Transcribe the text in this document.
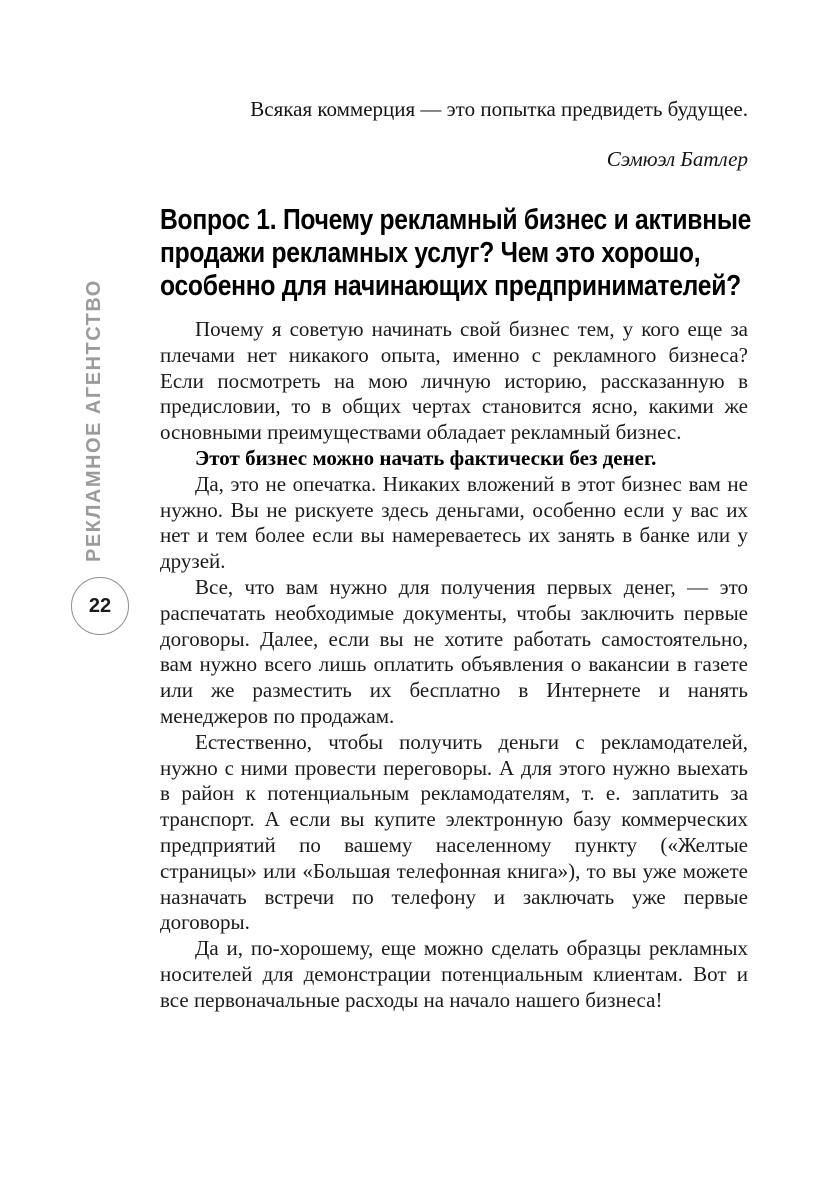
РЕКЛАМНОЕ АГЕНТСТВО
22
Всякая коммерция — это попытка предвидеть будущее.
Сэмюэл Батлер
Вопрос 1. Почему рекламный бизнес и активные
продажи рекламных услуг? Чем это хорошо,
особенно для начинающих предпринимателей?

Почему я советую начинать свой бизнес тем, у кого еще за плечами нет никакого опыта, именно с рекламного бизнеса? Если посмотреть на мою личную историю, рассказанную в предисловии, то в общих чертах становится ясно, какими же основными преимуществами обладает рекламный бизнес.

Этот бизнес можно начать фактически без денег.

Да, это не опечатка. Никаких вложений в этот бизнес вам не нужно. Вы не рискуете здесь деньгами, особенно если у вас их нет и тем более если вы намереваетесь их занять в банке или у друзей.

Все, что вам нужно для получения первых денег, — это распечатать необходимые документы, чтобы заключить первые договоры. Далее, если вы не хотите работать самостоятельно, вам нужно всего лишь оплатить объявления о вакансии в газете или же разместить их бесплатно в Интернете и нанять менеджеров по продажам.

Естественно, чтобы получить деньги с рекламодателей, нужно с ними провести переговоры. А для этого нужно выехать в район к потенциальным рекламодателям, т. е. заплатить за транспорт. А если вы купите электронную базу коммерческих предприятий по вашему населенному пункту («Желтые страницы» или «Большая телефонная книга»), то вы уже можете назначать встречи по телефону и заключать уже первые договоры.

Да и, по-хорошему, еще можно сделать образцы рекламных носителей для демонстрации потенциальным клиентам. Вот и все первоначальные расходы на начало нашего бизнеса!
